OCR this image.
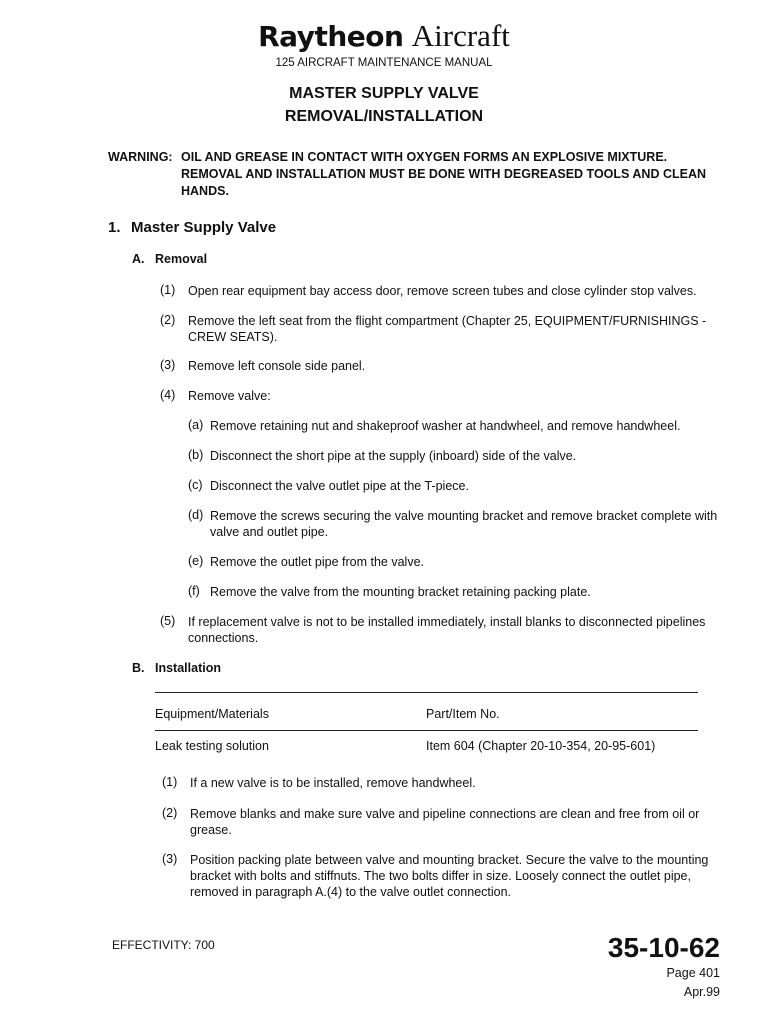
Raytheon Aircraft
125 AIRCRAFT MAINTENANCE MANUAL
MASTER SUPPLY VALVE
REMOVAL/INSTALLATION
WARNING: OIL AND GREASE IN CONTACT WITH OXYGEN FORMS AN EXPLOSIVE MIXTURE.
REMOVAL AND INSTALLATION MUST BE DONE WITH DEGREASED TOOLS AND CLEAN
HANDS.
1. Master Supply Valve
A. Removal
(1) Open rear equipment bay access door, remove screen tubes and close cylinder stop valves.
(2) Remove the left seat from the flight compartment (Chapter 25, EQUIPMENT/FURNISHINGS -
CREW SEATS).
(3) Remove left console side panel.
(4) Remove valve:
(a) Remove retaining nut and shakeproof washer at handwheel, and remove handwheel.
(b) Disconnect the short pipe at the supply (inboard) side of the valve.
(c) Disconnect the valve outlet pipe at the T-piece.
(d) Remove the screws securing the valve mounting bracket and remove bracket complete with
valve and outlet pipe.
(e) Remove the outlet pipe from the valve.
(f) Remove the valve from the mounting bracket retaining packing plate.
(5) If replacement valve is not to be installed immediately, install blanks to disconnected pipelines
connections.
B. Installation
Equipment/Materials	Part/Item No.
Leak testing solution	Item 604 (Chapter 20-10-354, 20-95-601)
(1) If a new valve is to be installed, remove handwheel.
(2) Remove blanks and make sure valve and pipeline connections are clean and free from oil or
grease.
(3) Position packing plate between valve and mounting bracket. Secure the valve to the mounting
bracket with bolts and stiffnuts. The two bolts differ in size. Loosely connect the outlet pipe,
removed in paragraph A.(4) to the valve outlet connection.
EFFECTIVITY: 700	35-10-62
Page 401
Apr.99
